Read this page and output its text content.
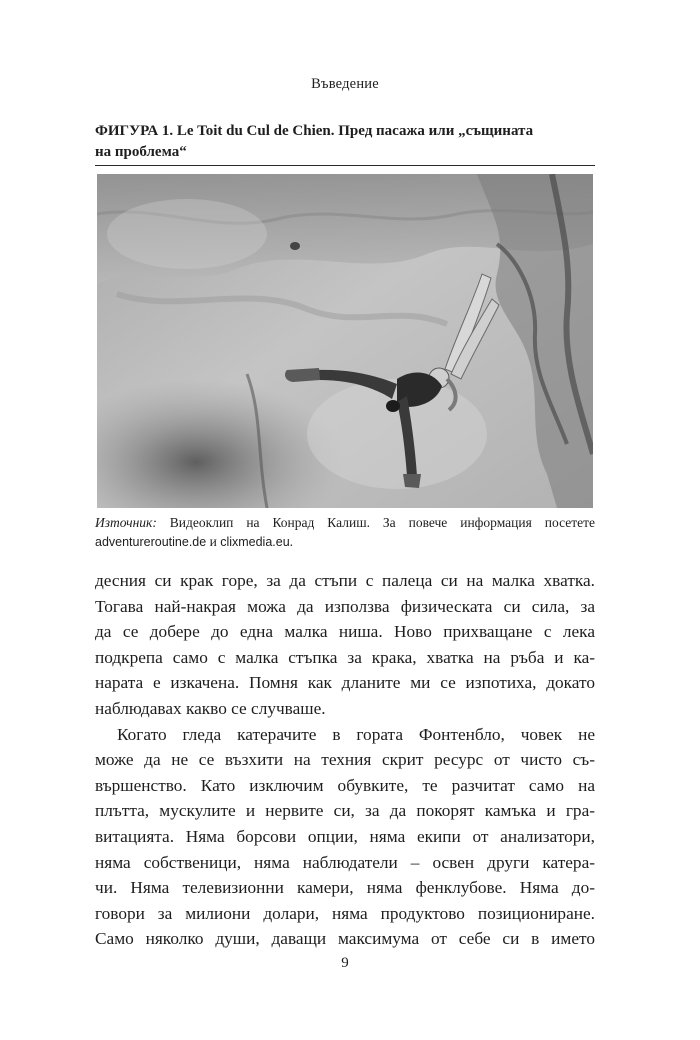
Въведение
ФИГУРА 1. Le Toit du Cul de Chien. Пред пасажа или „същината
на проблема“
Източник: Видеоклип на Конрад Калиш. За повече информация посетете adventureroutine.de и clixmedia.eu.

десния си крак горе, за да стъпи с палеца си на малка хватка.
Тогава най-накрая можа да използва физическата си сила, за
да се добере до една малка ниша. Ново прихващане с лека
подкрепа само с малка стъпка за крака, хватка на ръба и ка-
нарата е изкачена. Помня как дланите ми се изпотиха, докато
наблюдавах какво се случваше.

Когато гледа катерачите в гората Фонтенбло, човек не
може да не се възхити на техния скрит ресурс от чисто съ-
вършенство. Като изключим обувките, те разчитат само на
плътта, мускулите и нервите си, за да покорят камъка и гра-
витацията. Няма борсови опции, няма екипи от анализатори,
няма собственици, няма наблюдатели – освен други катера-
чи. Няма телевизионни камери, няма фенклубове. Няма до-
говори за милиони долари, няма продуктово позициониране.
Само няколко души, даващи максимума от себе си в името

9
